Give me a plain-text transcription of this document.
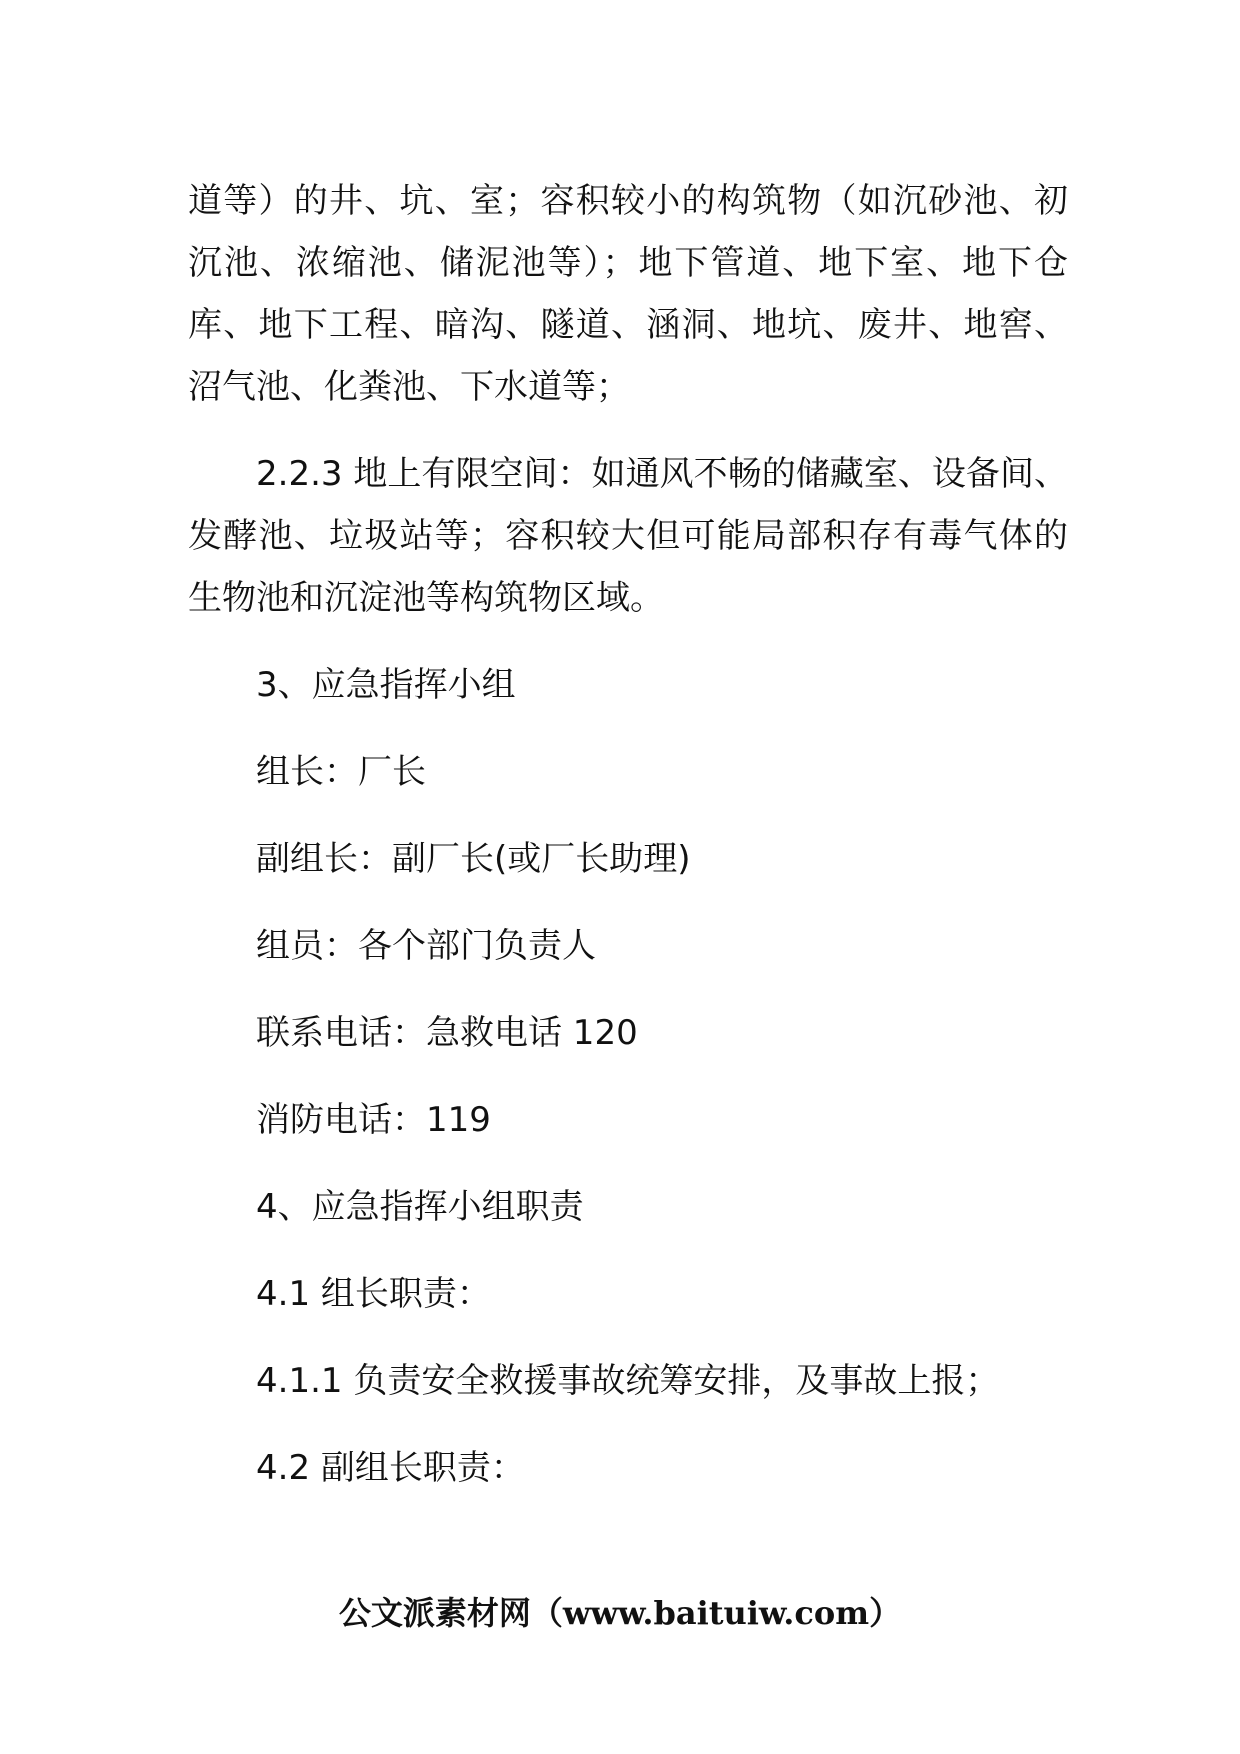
道等）的井、坑、室；容积较小的构筑物（如沉砂池、初沉池、浓缩池、储泥池等）；地下管道、地下室、地下仓库、地下工程、暗沟、隧道、涵洞、地坑、废井、地窖、沼气池、化粪池、下水道等；

2.2.3 地上有限空间：如通风不畅的储藏室、设备间、发酵池、垃圾站等；容积较大但可能局部积存有毒气体的生物池和沉淀池等构筑物区域。

3、应急指挥小组

组长：厂长

副组长：副厂长(或厂长助理)

组员：各个部门负责人

联系电话：急救电话 120

消防电话：119

4、应急指挥小组职责

4.1 组长职责：

4.1.1 负责安全救援事故统筹安排，及事故上报；

4.2 副组长职责：

公文派素材网（www.baituiw.com）
